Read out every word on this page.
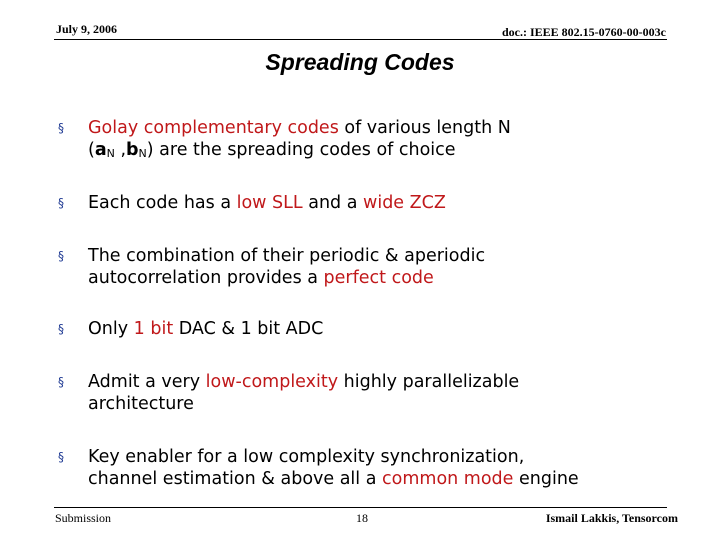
July 9, 2006	doc.: IEEE 802.15-0760-00-003c
Spreading Codes
§	Golay complementary codes of various length N
($a_N$ $,b_N$) are the spreading codes of choice
§	Each code has a low SLL and a wide ZCZ
§	The combination of their periodic & aperiodic
autocorrelation provides a perfect code
§	Only 1 bit DAC & 1 bit ADC
§	Admit a very low-complexity highly parallelizable
architecture
§	Key enabler for a low complexity synchronization,
channel estimation & above all a common mode engine
Submission	18	Ismail Lakkis, Tensorcom
